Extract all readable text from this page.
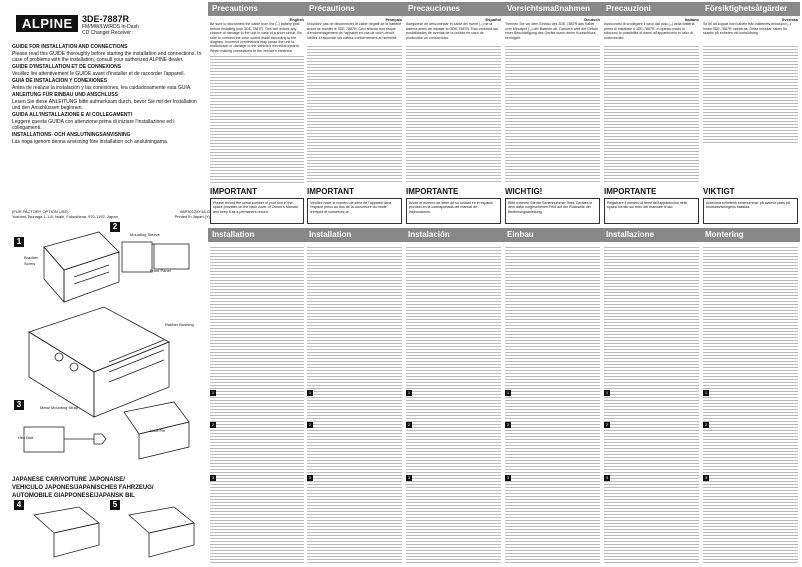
ALPINE 3DE-7887R
FM/MW/LW/RDS In-Dash
CD Changer Receiver

GUIDE FOR INSTALLATION AND CONNECTIONS

Please read this GUIDE thoroughly before starting the installation and connections. In case of problems with the installation, consult your authorized ALPINE dealer.

GUIDE D'INSTALLATION ET DE CONNEXIONS

Veuillez lire attentivement le GUIDE avant d'installer et de raccorder l'appareil.

GUIA DE INSTALACION Y CONEXIONES

Antes de realizar la instalación y las conexiones, lea cuidadosamente esta GUIA.

ANLEITUNG FÜR EINBAU UND ANSCHLUSS

Lesen Sie diese ANLEITUNG bitte aufmerksam durch, bevor Sie mit der Installation und den Anschlüssen beginnen.

GUIDA ALL'INSTALLAZIONE E AI COLLEGAMENTI

Leggere questa GUIDA con attenzione prima di iniziare l'installazione ed i collegamenti.

INSTALLATIONS- OCH ANSLUTNINGSANVISNING

Läs noga igenom denna anvisning före installation och anslutningarna.

(FUR FACTORY OPTION USE)
Yoshimi-Tsunaga 1-1-8, Iwaki, Fukushima, 970-1192, Japan
68P30125Y48-O
Printed in Japan (Y)
1
2
3
Front Panel
Bracket
Screw
Mounting Sleeve
Rubber Bushing
Hex Bolt
Lock Pin
Metal Mounting Strap
JAPANESE CAR/VOITURE JAPONAISE/
VEHICULO JAPONES/JAPANISCHES FAHRZEUG/
AUTOMOBILE GIAPPONESE/JAPANSK BIL
4	5
Precautions	Précautions	Precauciones	Vorsichtsmaßnahmen	Precauzioni	Försiktighetsåtgärder
English
Be sure to disconnect the cable from the (–) battery post before installing your 3DE-7887R. This will reduce any chance of damage to the unit in case of a short-circuit. Be sure to connect the color coded leads according to the diagram. Incorrect connections may cause the unit to malfunction or damage to the vehicle's electrical system. When making connections to the vehicle's electrical
Français
N'oubliez pas de déconnecter le câble négatif de la batterie avant de monter le 3DE-7887R. Ceci réduira tout risque d'endommagement de l'appareil en cas de court-circuit. Veillez à raccorder les câbles conformément au schéma.
Español
Asegúrese de desconectar el cable del borne (–) de la batería antes de instalar su 3DE-7887R. Esto reducirá las posibilidades de averías de la unidad en caso de producirse un cortocircuito.
Deutsch
Trennen Sie vor dem Einbau des 3DE-7887R das Kabel vom Minuspol (–) der Batterie ab. Dadurch wird die Gefahr einer Beschädigung des Geräts durch einen Kurzschluss verringert.
Italiano
Assicurarsi di scollegare il cavo dal polo (–) della batteria prima di installare il 3DE-7887R. In questo modo si riducono le possibilità di danni all'apparecchio in caso di cortocircuito.
Svenska
Se till att koppla bort kabeln från batteriets minuspol (–) innan 3DE-7887R monteras. Detta minskar risken för skador på enheten vid kortslutning.
IMPORTANT	IMPORTANT	IMPORTANTE	WICHTIG!	IMPORTANTE	VIKTIGT
Please record the serial number of your unit in the space provided on the back cover of Owner's Manual and keep it as a permanent record.
Veuillez noter le numéro de série de l'appareil dans l'espace prévu au dos de la couverture du mode d'emploi et conservez-le.
Anote el número de serie de su unidad en el espacio provisto en la contraportada del manual de instrucciones.
Bitte notieren Sie die Seriennummer Ihres Gerätes in dem dafür vorgesehenen Feld auf der Rückseite der Bedienungsanleitung.
Registrare il numero di serie dell'apparecchio nello spazio fornito sul retro del manuale d'uso.
Anteckna enhetens serienummer på avsedd plats på bruksanvisningens baksida.
Installation	Installation	Instalación	Einbau	Installazione	Montering
1
2
3
1
2
3
1
2
3
1
2
3
1
2
3
1
2
3
